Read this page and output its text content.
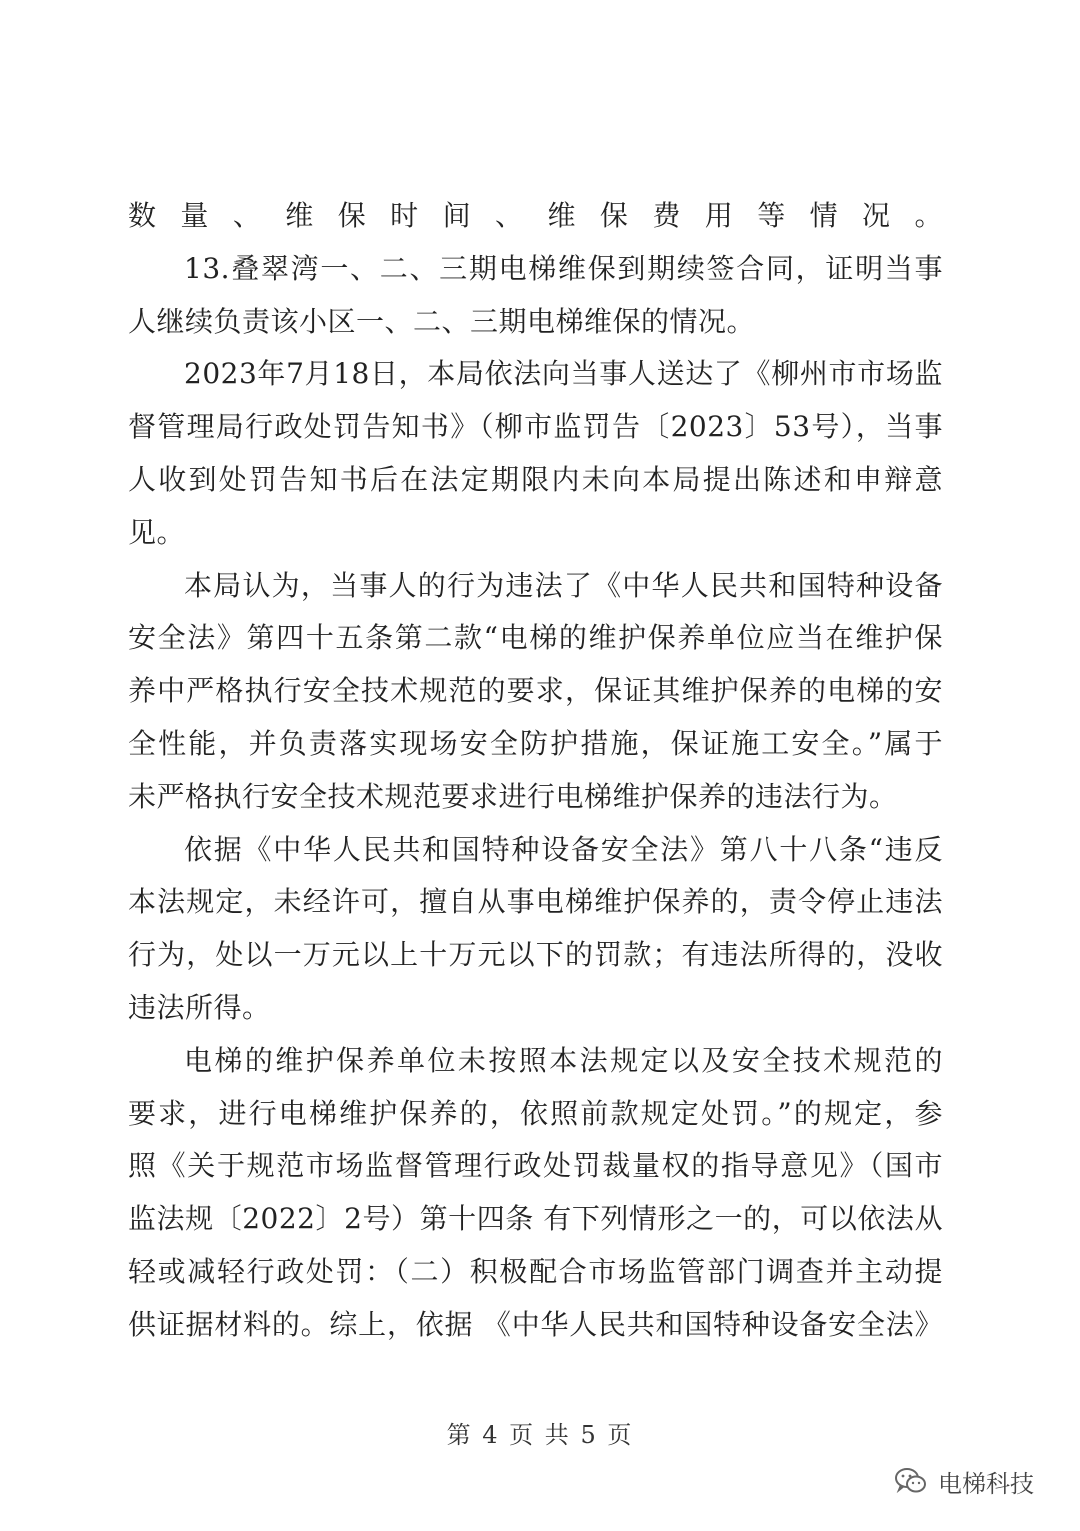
数量、维保时间、维保费用等情况。
13.叠翠湾一、二、三期电梯维保到期续签合同，证明当事
人继续负责该小区一、二、三期电梯维保的情况。
2023年7月18日，本局依法向当事人送达了《柳州市市场监
督管理局行政处罚告知书》（柳市监罚告〔2023〕53号），当事
人收到处罚告知书后在法定期限内未向本局提出陈述和申辩意
见。
本局认为，当事人的行为违法了《中华人民共和国特种设备
安全法》第四十五条第二款“电梯的维护保养单位应当在维护保
养中严格执行安全技术规范的要求，保证其维护保养的电梯的安
全性能，并负责落实现场安全防护措施，保证施工安全。”属于
未严格执行安全技术规范要求进行电梯维护保养的违法行为。
依据《中华人民共和国特种设备安全法》第八十八条“违反
本法规定，未经许可，擅自从事电梯维护保养的，责令停止违法
行为，处以一万元以上十万元以下的罚款；有违法所得的，没收
违法所得。
电梯的维护保养单位未按照本法规定以及安全技术规范的
要求，进行电梯维护保养的，依照前款规定处罚。”的规定，参
照《关于规范市场监督管理行政处罚裁量权的指导意见》（国市
监法规〔2022〕2号）第十四条 有下列情形之一的，可以依法从
轻或减轻行政处罚：（二）积极配合市场监管部门调查并主动提
供证据材料的。综上，依据 《中华人民共和国特种设备安全法》
第 4 页 共 5 页
电梯科技
